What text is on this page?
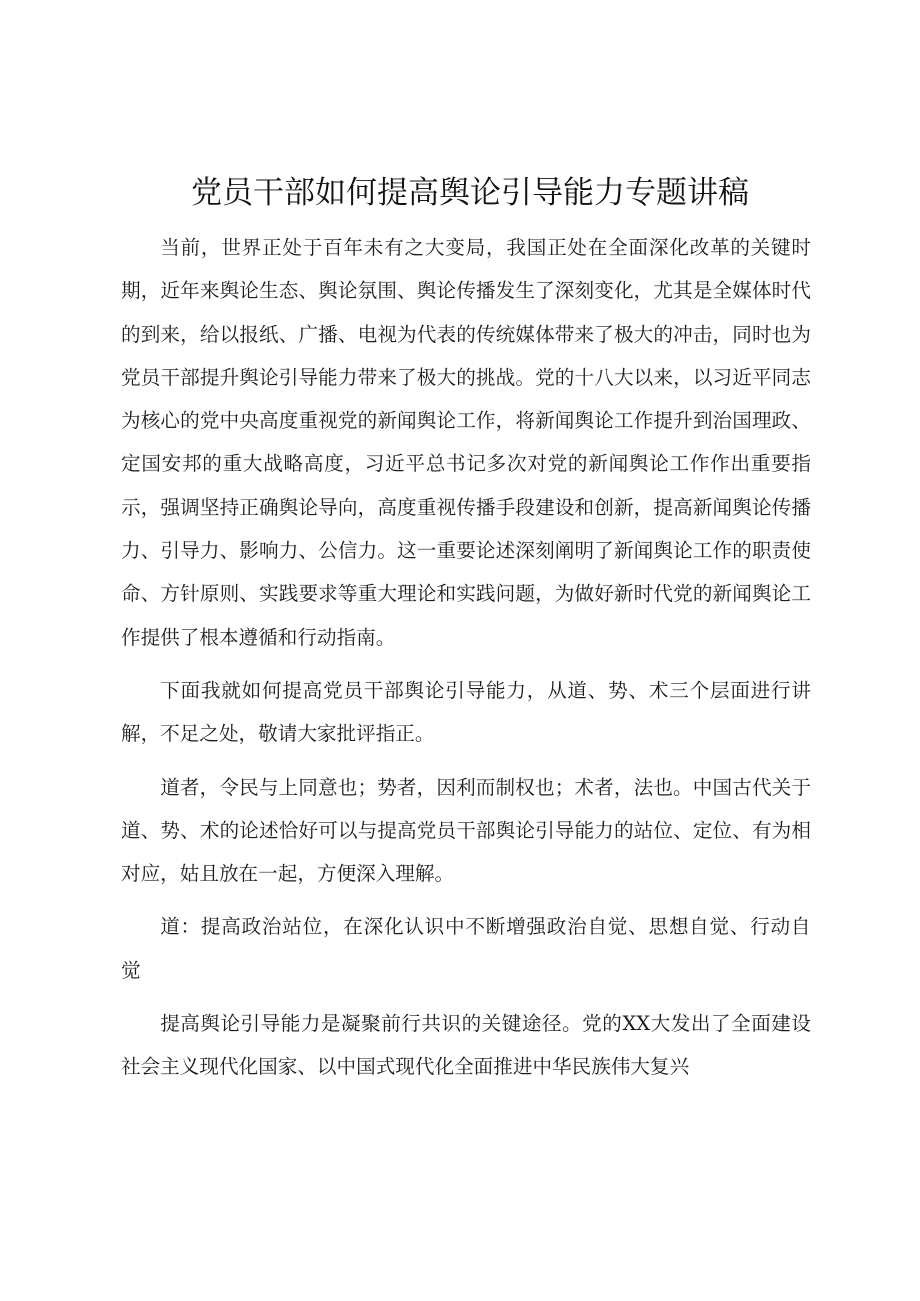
党员干部如何提高舆论引导能力专题讲稿

当前，世界正处于百年未有之大变局，我国正处在全面深化改革的关键时期，近年来舆论生态、舆论氛围、舆论传播发生了深刻变化，尤其是全媒体时代的到来，给以报纸、广播、电视为代表的传统媒体带来了极大的冲击，同时也为党员干部提升舆论引导能力带来了极大的挑战。党的十八大以来，以习近平同志为核心的党中央高度重视党的新闻舆论工作，将新闻舆论工作提升到治国理政、定国安邦的重大战略高度，习近平总书记多次对党的新闻舆论工作作出重要指示，强调坚持正确舆论导向，高度重视传播手段建设和创新，提高新闻舆论传播力、引导力、影响力、公信力。这一重要论述深刻阐明了新闻舆论工作的职责使命、方针原则、实践要求等重大理论和实践问题，为做好新时代党的新闻舆论工作提供了根本遵循和行动指南。

下面我就如何提高党员干部舆论引导能力，从道、势、术三个层面进行讲解，不足之处，敬请大家批评指正。

道者，令民与上同意也；势者，因利而制权也；术者，法也。中国古代关于道、势、术的论述恰好可以与提高党员干部舆论引导能力的站位、定位、有为相对应，姑且放在一起，方便深入理解。

道：提高政治站位，在深化认识中不断增强政治自觉、思想自觉、行动自觉

提高舆论引导能力是凝聚前行共识的关键途径。党的XX大发出了全面建设社会主义现代化国家、以中国式现代化全面推进中华民族伟大复兴
